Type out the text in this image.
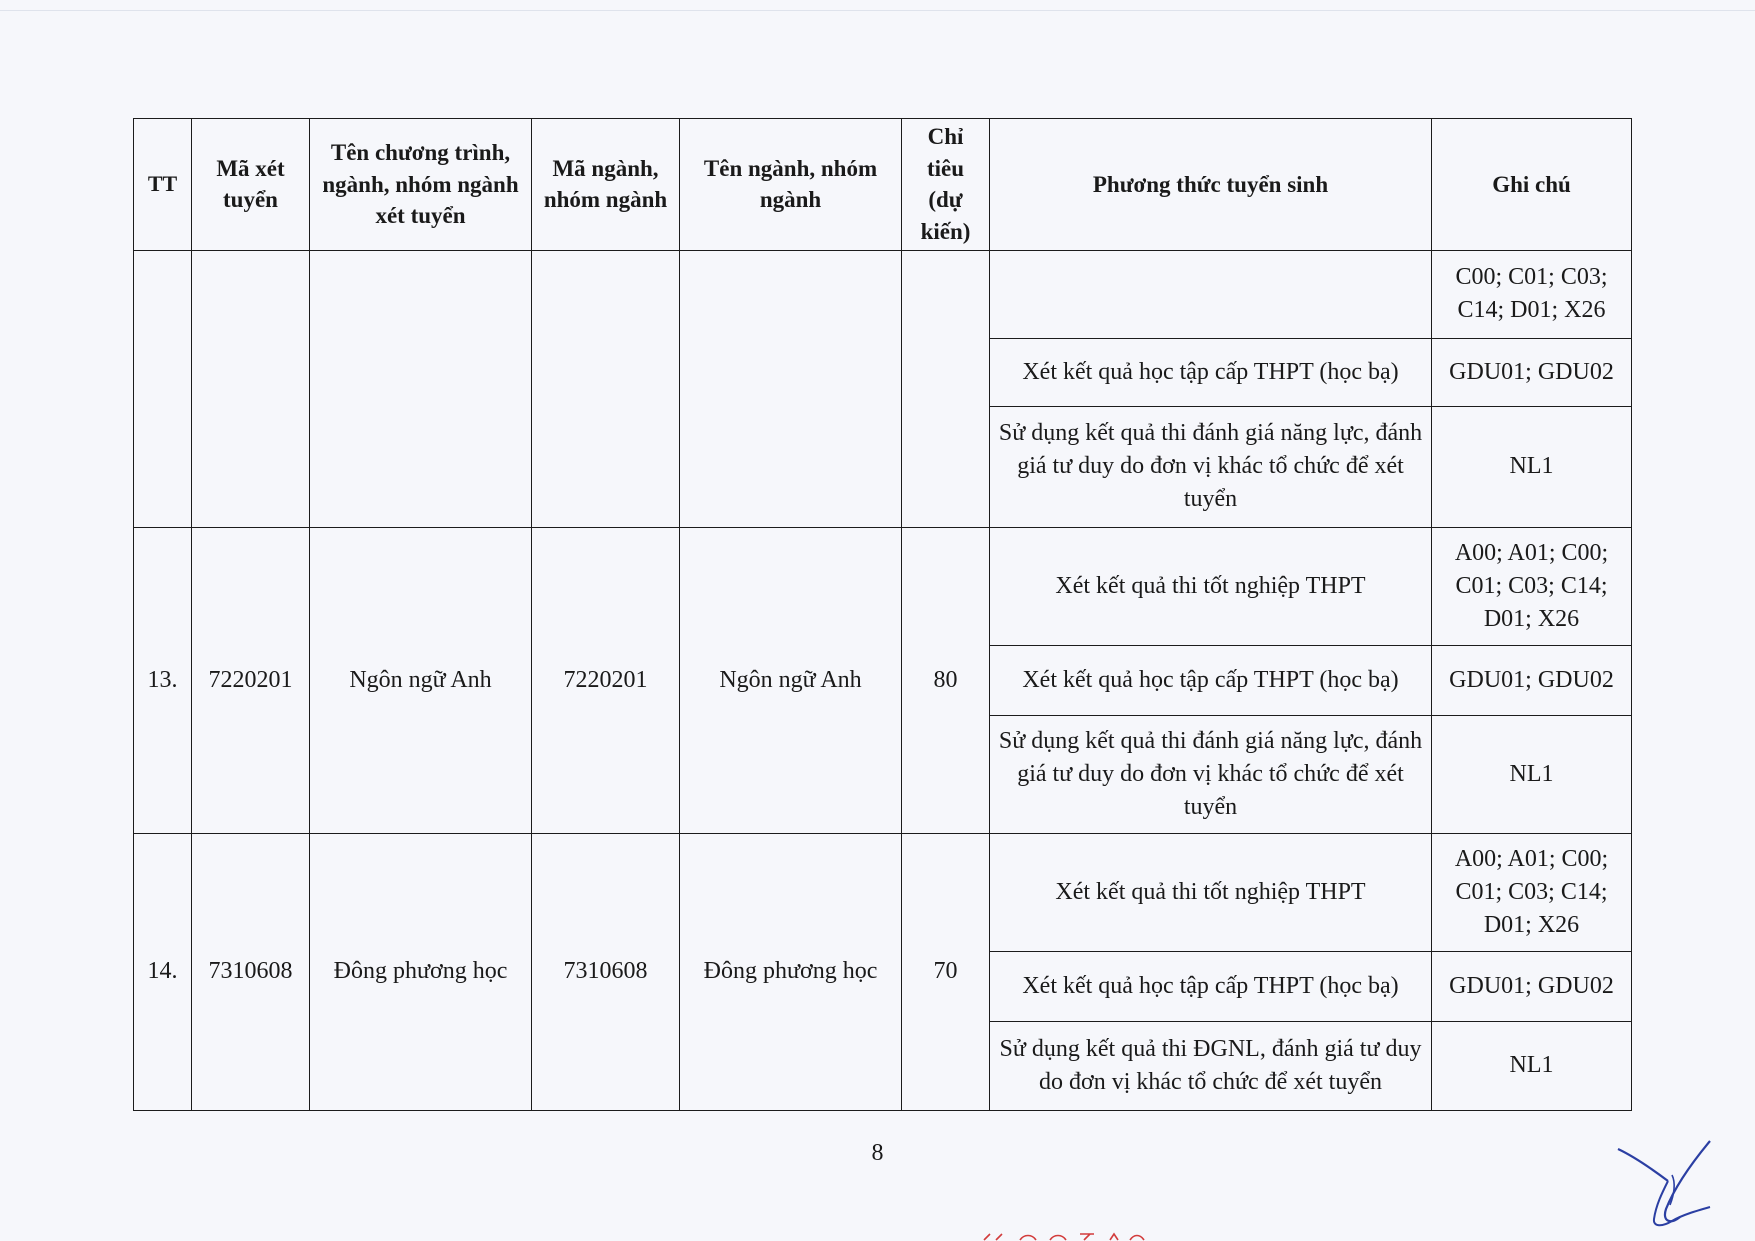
TT	Mã xét tuyển	Tên chương trình, ngành, nhóm ngành xét tuyển	Mã ngành, nhóm ngành	Tên ngành, nhóm ngành	Chỉ tiêu (dự kiến)	Phương thức tuyển sinh	Ghi chú
							C00; C01; C03; C14; D01; X26
						Xét kết quả học tập cấp THPT (học bạ)	GDU01; GDU02
						Sử dụng kết quả thi đánh giá năng lực, đánh giá tư duy do đơn vị khác tổ chức để xét tuyển	NL1
13.	7220201	Ngôn ngữ Anh	7220201	Ngôn ngữ Anh	80	Xét kết quả thi tốt nghiệp THPT	A00; A01; C00; C01; C03; C14; D01; X26
						Xét kết quả học tập cấp THPT (học bạ)	GDU01; GDU02
						Sử dụng kết quả thi đánh giá năng lực, đánh giá tư duy do đơn vị khác tổ chức để xét tuyển	NL1
14.	7310608	Đông phương học	7310608	Đông phương học	70	Xét kết quả thi tốt nghiệp THPT	A00; A01; C00; C01; C03; C14; D01; X26
						Xét kết quả học tập cấp THPT (học bạ)	GDU01; GDU02
						Sử dụng kết quả thi ĐGNL, đánh giá tư duy do đơn vị khác tổ chức để xét tuyển	NL1
8
